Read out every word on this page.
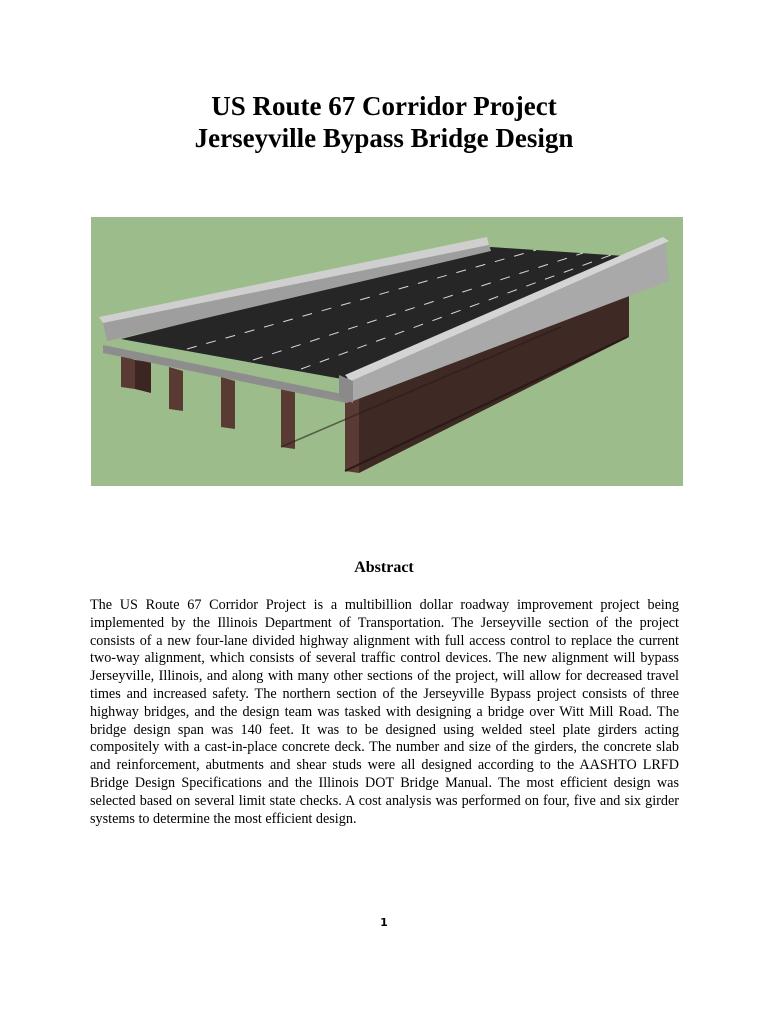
US Route 67 Corridor Project
Jerseyville Bypass Bridge Design
Abstract

The US Route 67 Corridor Project is a multibillion dollar roadway improvement project being implemented by the Illinois Department of Transportation. The Jerseyville section of the project consists of a new four-lane divided highway alignment with full access control to replace the current two-way alignment, which consists of several traffic control devices. The new alignment will bypass Jerseyville, Illinois, and along with many other sections of the project, will allow for decreased travel times and increased safety. The northern section of the Jerseyville Bypass project consists of three highway bridges, and the design team was tasked with designing a bridge over Witt Mill Road. The bridge design span was 140 feet. It was to be designed using welded steel plate girders acting compositely with a cast-in-place concrete deck. The number and size of the girders, the concrete slab and reinforcement, abutments and shear studs were all designed according to the AASHTO LRFD Bridge Design Specifications and the Illinois DOT Bridge Manual. The most efficient design was selected based on several limit state checks. A cost analysis was performed on four, five and six girder systems to determine the most efficient design.

1
